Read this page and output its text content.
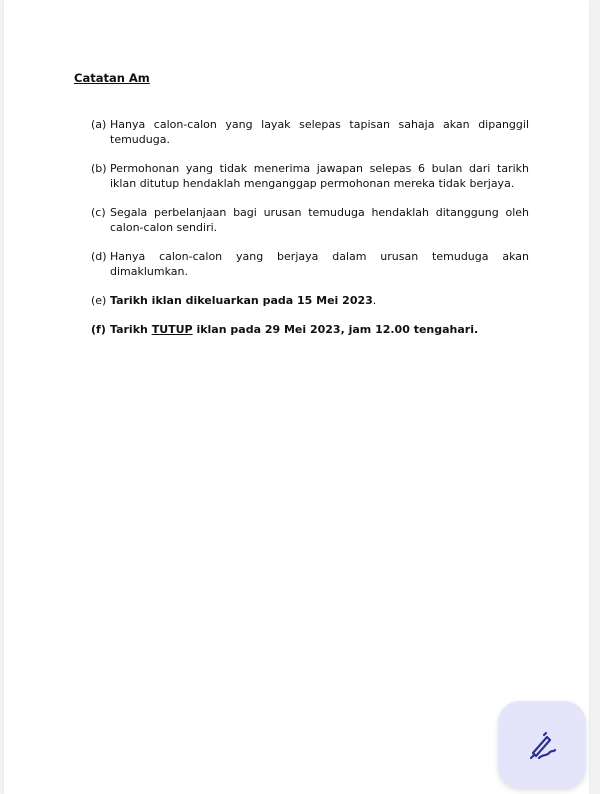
Catatan Am
(a) Hanya calon-calon yang layak selepas tapisan sahaja akan dipanggil temuduga.
(b) Permohonan yang tidak menerima jawapan selepas 6 bulan dari tarikh iklan ditutup hendaklah menganggap permohonan mereka tidak berjaya.
(c) Segala perbelanjaan bagi urusan temuduga hendaklah ditanggung oleh calon-calon sendiri.
(d) Hanya calon-calon yang berjaya dalam urusan temuduga akan dimaklumkan.
(e) Tarikh iklan dikeluarkan pada 15 Mei 2023.
(f) Tarikh TUTUP iklan pada 29 Mei 2023, jam 12.00 tengahari.
